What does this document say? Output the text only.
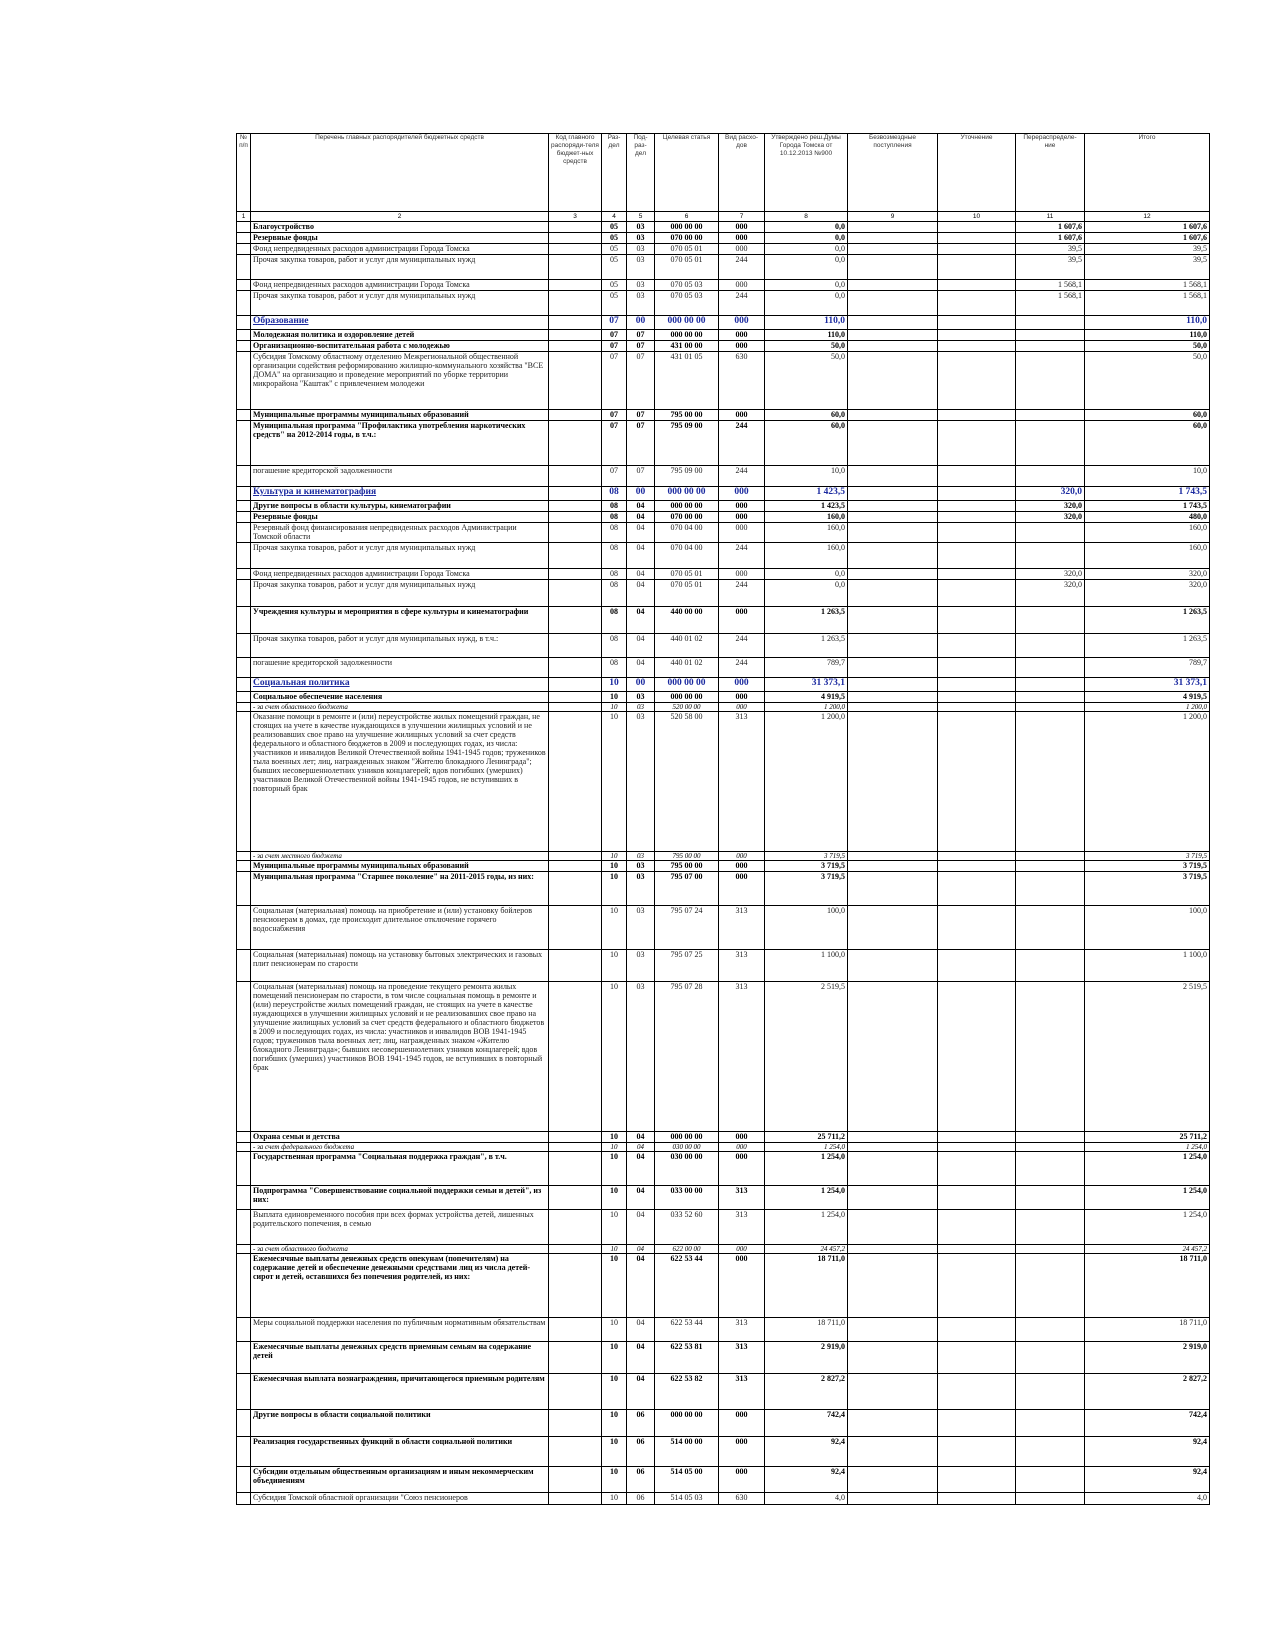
№ п/п	Перечень главных распорядителей бюджетных средств	Код главного распоряди-теля бюджет-ных средств	Раз-дел	Под-раз-дел	Целевая статья	Вид расхо-дов	Утверждено реш.Думы Города Томска от 10.12.2013 №900	Безвозмездные поступления	Уточнение	Перераспределе-ние	Итого
1	2	3	4	5	6	7	8	9	10	11	12
	Благоустройство		05	03	000 00 00	000	0,0			1 607,6	1 607,6
	Резервные фонды		05	03	070 00 00	000	0,0			1 607,6	1 607,6
	Фонд непредвиденных расходов администрации Города Томска		05	03	070 05 01	000	0,0			39,5	39,5
	Прочая закупка товаров, работ и услуг для муниципальных нужд		05	03	070 05 01	244	0,0			39,5	39,5
	Фонд непредвиденных расходов администрации Города Томска		05	03	070 05 03	000	0,0			1 568,1	1 568,1
	Прочая закупка товаров, работ и услуг для муниципальных нужд		05	03	070 05 03	244	0,0			1 568,1	1 568,1
	Образование		07	00	000 00 00	000	110,0				110,0
	Молодежная политика и оздоровление детей		07	07	000 00 00	000	110,0				110,0
	Организационно-воспитательная работа с молодежью		07	07	431 00 00	000	50,0				50,0
	Субсидия Томскому областному отделению Межрегиональной общественной организации содействия реформированию жилищно-коммунального хозяйства "ВСЕ ДОМА" на организацию и проведение мероприятий по уборке территории микрорайона "Каштак" с привлечением молодежи		07	07	431 01 05	630	50,0				50,0
	Муниципальные программы муниципальных образований		07	07	795 00 00	000	60,0				60,0
	Муниципальная программа "Профилактика употребления наркотических средств" на 2012-2014 годы, в т.ч.:		07	07	795 09 00	244	60,0				60,0
	погашение кредиторской задолженности		07	07	795 09 00	244	10,0				10,0
	Культура и кинематография		08	00	000 00 00	000	1 423,5			320,0	1 743,5
	Другие вопросы в области культуры, кинематографии		08	04	000 00 00	000	1 423,5			320,0	1 743,5
	Резервные фонды		08	04	070 00 00	000	160,0			320,0	480,0
	Резервный фонд финансирования непредвиденных расходов Администрации Томской области		08	04	070 04 00	000	160,0				160,0
	Прочая закупка товаров, работ и услуг для муниципальных нужд		08	04	070 04 00	244	160,0				160,0
	Фонд непредвиденных расходов администрации Города Томска		08	04	070 05 01	000	0,0			320,0	320,0
	Прочая закупка товаров, работ и услуг для муниципальных нужд		08	04	070 05 01	244	0,0			320,0	320,0
	Учреждения культуры и мероприятия в сфере культуры и кинематографии		08	04	440 00 00	000	1 263,5				1 263,5
	Прочая закупка товаров, работ и услуг для муниципальных нужд, в т.ч.:		08	04	440 01 02	244	1 263,5				1 263,5
	погашение кредиторской задолженности		08	04	440 01 02	244	789,7				789,7
	Социальная политика		10	00	000 00 00	000	31 373,1				31 373,1
	Социальное обеспечение населения		10	03	000 00 00	000	4 919,5				4 919,5
	- за счет областного бюджета		10	03	520 00 00	000	1 200,0				1 200,0
	Оказание помощи в ремонте и (или) переустройстве жилых помещений граждан, не стоящих на учете в качестве нуждающихся в улучшении жилищных условий и не реализовавших свое право на улучшение жилищных условий за счет средств федерального и областного бюджетов в 2009 и последующих годах, из числа: участников и инвалидов Великой Отечественной войны 1941-1945 годов; тружеников тыла военных лет; лиц, награжденных знаком "Жителю блокадного Ленинграда"; бывших несовершеннолетних узников концлагерей; вдов погибших (умерших) участников Великой Отечественной войны 1941-1945 годов, не вступивших в повторный брак		10	03	520 58 00	313	1 200,0				1 200,0
	- за счет местного бюджета		10	03	795 00 00	000	3 719,5				3 719,5
	Муниципальные программы муниципальных образований		10	03	795 00 00	000	3 719,5				3 719,5
	Муниципальная программа "Старшее поколение" на 2011-2015 годы, из них:		10	03	795 07 00	000	3 719,5				3 719,5
	Социальная (материальная) помощь на приобретение и (или) установку бойлеров пенсионерам в домах, где происходит длительное отключение горячего водоснабжения		10	03	795 07 24	313	100,0				100,0
	Социальная (материальная) помощь на установку бытовых электрических и газовых плит пенсионерам по старости		10	03	795 07 25	313	1 100,0				1 100,0
	Социальная (материальная) помощь на проведение текущего ремонта жилых помещений пенсионерам по старости, в том числе социальная помощь в ремонте и (или) переустройстве жилых помещений граждан, не стоящих на учете в качестве нуждающихся в улучшении жилищных условий и не реализовавших свое право на улучшение жилищных условий за счет средств федерального и областного бюджетов в 2009 и последующих годах, из числа: участников и инвалидов ВОВ 1941-1945 годов; тружеников тыла военных лет; лиц, награжденных знаком «Жителю блокадного Ленинграда»; бывших несовершеннолетних узников концлагерей; вдов погибших (умерших) участников ВОВ 1941-1945 годов, не вступивших в повторный брак		10	03	795 07 28	313	2 519,5				2 519,5
	Охрана семьи и детства		10	04	000 00 00	000	25 711,2				25 711,2
	- за счет федерального бюджета		10	04	030 00 00	000	1 254,0				1 254,0
	Государственная программа "Социальная поддержка граждан", в т.ч.		10	04	030 00 00	000	1 254,0				1 254,0
	Подпрограмма "Совершенствование социальной поддержки семьи и детей", из них:		10	04	033 00 00	313	1 254,0				1 254,0
	Выплата единовременного пособия при всех формах устройства детей, лишенных родительского попечения, в семью		10	04	033 52 60	313	1 254,0				1 254,0
	- за счет областного бюджета		10	04	622 00 00	000	24 457,2				24 457,2
	Ежемесячные выплаты денежных средств опекунам (попечителям) на содержание детей и обеспечение денежными средствами лиц из числа детей-сирот и детей, оставшихся без попечения родителей, из них:		10	04	622 53 44	000	18 711,0				18 711,0
	Меры социальной поддержки населения по публичным нормативным обязательствам		10	04	622 53 44	313	18 711,0				18 711,0
	Ежемесячные выплаты денежных средств приемным семьям на содержание детей		10	04	622 53 81	313	2 919,0				2 919,0
	Ежемесячная выплата вознаграждения, причитающегося приемным родителям		10	04	622 53 82	313	2 827,2				2 827,2
	Другие вопросы в области социальной политики		10	06	000 00 00	000	742,4				742,4
	Реализация государственных функций в области социальной политики		10	06	514 00 00	000	92,4				92,4
	Субсидии отдельным общественным организациям и иным некоммерческим объединениям		10	06	514 05 00	000	92,4				92,4
	Субсидия Томской областной организации "Союз пенсионеров		10	06	514 05 03	630	4,0				4,0
